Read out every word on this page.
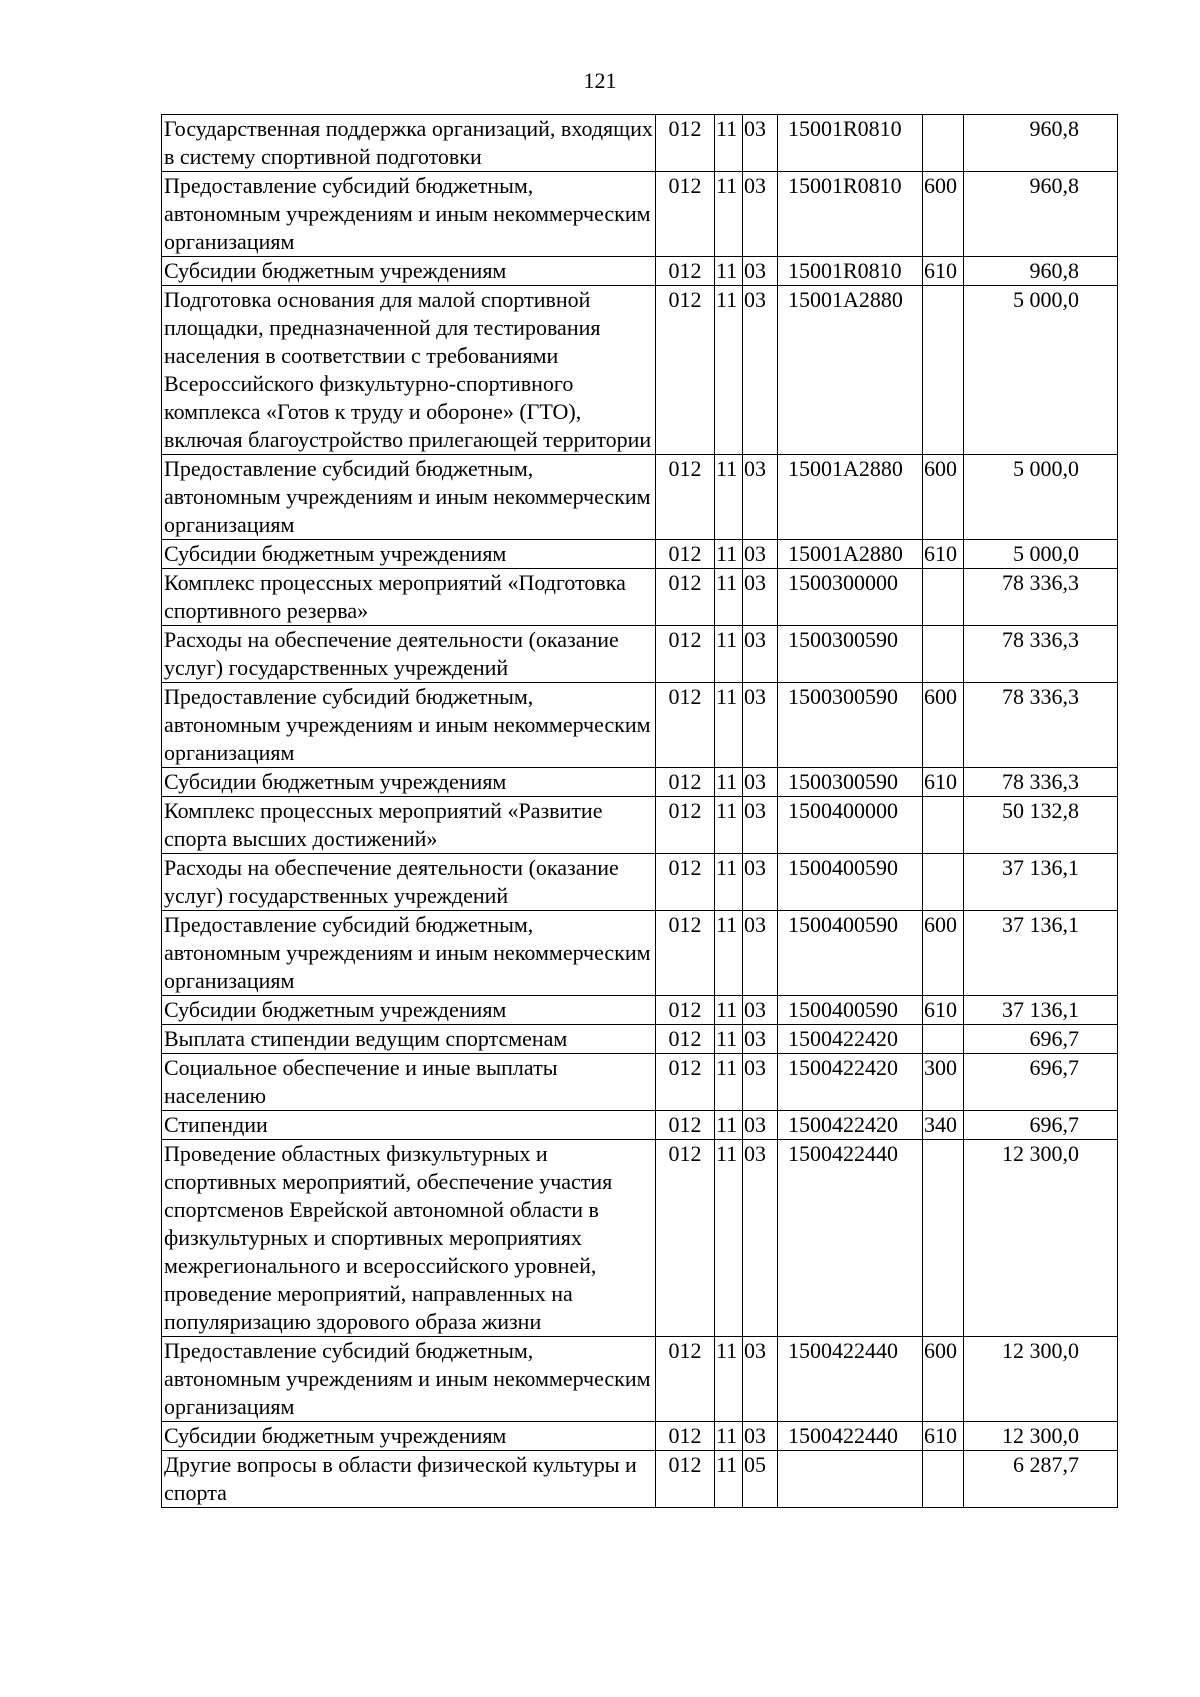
121
Государственная поддержка организаций, входящих в систему спортивной подготовки	012	11	03	15001R0810		960,8
Предоставление субсидий бюджетным, автономным учреждениям и иным некоммерческим организациям	012	11	03	15001R0810	600	960,8
Субсидии бюджетным учреждениям	012	11	03	15001R0810	610	960,8
Подготовка основания для малой спортивной площадки, предназначенной для тестирования населения в соответствии с требованиями Всероссийского физкультурно-спортивного комплекса «Готов к труду и обороне» (ГТО), включая благоустройство прилегающей территории	012	11	03	15001A2880		5 000,0
Предоставление субсидий бюджетным, автономным учреждениям и иным некоммерческим организациям	012	11	03	15001A2880	600	5 000,0
Субсидии бюджетным учреждениям	012	11	03	15001A2880	610	5 000,0
Комплекс процессных мероприятий «Подготовка спортивного резерва»	012	11	03	1500300000		78 336,3
Расходы на обеспечение деятельности (оказание услуг) государственных учреждений	012	11	03	1500300590		78 336,3
Предоставление субсидий бюджетным, автономным учреждениям и иным некоммерческим организациям	012	11	03	1500300590	600	78 336,3
Субсидии бюджетным учреждениям	012	11	03	1500300590	610	78 336,3
Комплекс процессных мероприятий «Развитие спорта высших достижений»	012	11	03	1500400000		50 132,8
Расходы на обеспечение деятельности (оказание услуг) государственных учреждений	012	11	03	1500400590		37 136,1
Предоставление субсидий бюджетным, автономным учреждениям и иным некоммерческим организациям	012	11	03	1500400590	600	37 136,1
Субсидии бюджетным учреждениям	012	11	03	1500400590	610	37 136,1
Выплата стипендии ведущим спортсменам	012	11	03	1500422420		696,7
Социальное обеспечение и иные выплаты населению	012	11	03	1500422420	300	696,7
Стипендии	012	11	03	1500422420	340	696,7
Проведение областных физкультурных и спортивных мероприятий, обеспечение участия спортсменов Еврейской автономной области в физкультурных и спортивных мероприятиях межрегионального и всероссийского уровней, проведение мероприятий, направленных на популяризацию здорового образа жизни	012	11	03	1500422440		12 300,0
Предоставление субсидий бюджетным, автономным учреждениям и иным некоммерческим организациям	012	11	03	1500422440	600	12 300,0
Субсидии бюджетным учреждениям	012	11	03	1500422440	610	12 300,0
Другие вопросы в области физической культуры и спорта	012	11	05			6 287,7
